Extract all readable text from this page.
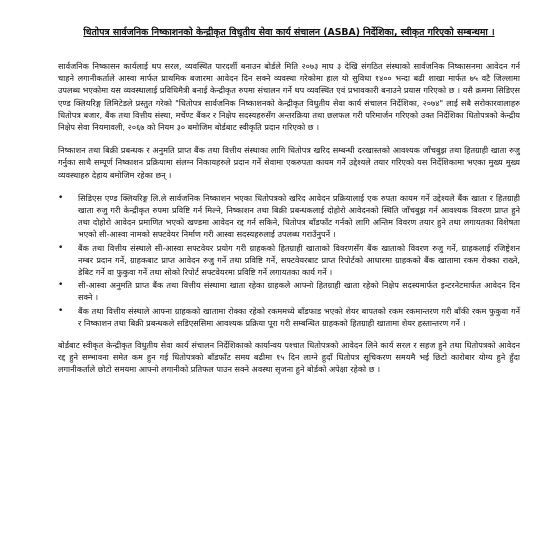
धितोपत्र सार्वजनिक निष्काशनको केन्द्रीकृत विधुतीय सेवा कार्य संचालन (ASBA) निर्देशिका, स्वीकृत गरिएको सम्बन्धमा ।

सार्वजनिक निष्कासन कार्यलाई थप सरल, व्यवस्थित पारदर्शी बनाउन बोर्डले मिति २०७३ माघ ३ देखि संगठित संस्थाको सार्वजनिक निष्कासनमा आवेदन गर्न चाहने लगानीकर्ताले आस्वा मार्फत प्राथमिक बजारमा आवेदन दिन सक्ने व्यवस्था गरेकोमा हाल यो सुविधा १४०० भन्दा बढी शाखा मार्फत ७५ वटै जिल्लामा उपलब्ध भएकोमा यस व्यवस्थालाई प्रविधिमैत्री बनाई केन्द्रीकृत रुपमा संचालन गर्ने थप व्यवस्थित एवं प्रभावकारी बनाउने प्रयास गरिएको छ । यसै क्रममा सिडिएस एण्ड क्लियरिङ्ग लिमिटेडले प्रस्तुत गरेको "धितोपत्र सार्वजनिक निष्काशनको केन्द्रीकृत विधुतीय सेवा कार्य संचालन निर्देशिका, २०७४" लाई सबै सरोकारवालाहरु धितोपत्र बजार, बैंक तथा वित्तीय संस्था, मर्चेण्ट बैंकर र निक्षेप सदस्यहरुसँग अन्तरक्रिया तथा छलफल गरी परिमार्जन गरिएको उक्त निर्देशिका धितोपत्रको केन्द्रीय निक्षेप सेवा नियमावली, २०६७ को नियम ३० बमोजिम बोर्डबाट स्वीकृति प्रदान गरिएको छ ।

निष्काशन तथा बिक्री प्रबन्धक र अनुमति प्राप्त बैंक तथा वित्तीय संस्थाका लागि धितोपत्र खरिद सम्बन्धी दरखास्तको आवश्यक जाँचबुझ तथा हितग्राही खाता रुजु गर्नुका साथै सम्पूर्ण निष्काशन प्रक्रियामा संलग्न निकायहरुले प्रदान गर्ने सेवामा एकरुपता कायम गर्ने उद्देश्यले तयार गरिएको यस निर्देशिकामा भएका मुख्य मुख्य व्यवस्थाहरु देहाय बमोजिम रहेका छन् ।

• सिडिएस एण्ड क्लियरिङ्ग लि.ले सार्वजनिक निष्काशन भएका धितोपत्रको खरिद आवेदन प्रक्रियालाई एक रुपता कायम गर्ने उद्देश्यले बैंक खाता र हितग्राही खाता रुजु गरी केन्द्रीकृत रुपमा प्रविष्टि गर्न मिल्ने, निष्काशन तथा बिक्री प्रबन्धकलाई दोहोरो आवेदनको स्थिति जाँचबुझ गर्न आवश्यक विवरण प्राप्त हुने तथा दोहोरो आवेदन प्रमाणित भएको खण्डमा आवेदन रद्द गर्न सकिने, धितोपत्र बाँडफाँट गर्नको लागि अन्तिम विवरण तयार हुने तथा लगायतका विशेषता भएको सी-आस्वा नामको सफ्टवेयर निर्माण गरी आस्वा सदस्यहरुलाई उपलब्ध गराउँनुपर्ने ।
• बैंक तथा वित्तीय संस्थाले सी-आस्वा सफ्टवेयर प्रयोग गरी ग्राहकको हितग्राही खाताको विवरणसँग बैंक खाताको विवरण रुजु गर्ने, ग्राहकलाई रजिष्ट्रेशन नम्बर प्रदान गर्ने, ग्राहकबाट प्राप्त आवेदन रुजु गर्ने तथा प्रविष्टि गर्ने, सफ्टवेयरबाट प्राप्त रिपोर्टको आधारमा ग्राहकको बैंक खातामा रकम रोक्का राख्ने, डेबिट गर्ने वा फुकुवा गर्ने तथा सोको रिपोर्ट सफ्टवेयरमा प्रविष्टि गर्ने लगायतका कार्य गर्ने ।
• सी-आस्वा अनुमति प्राप्त बैंक तथा वित्तीय संस्थामा खाता रहेका ग्राहकले आफ्नो हितग्राही खाता रहेको निक्षेप सदस्यमार्फत इन्टरनेटमार्फत आवेदन दिन सक्ने ।
• बैंक तथा वित्तीय संस्थाले आफ्ना ग्राहकको खातामा रोक्का रहेको रकममध्ये बाँडफाड भएको शेयर बापतको रकम रकमान्तरण गरी बाँकी रकम फुकुवा गर्ने र निष्काशन तथा बिक्री प्रबन्धकले सडिएससिमा आवश्यक प्रक्रिया पूरा गरी सम्बन्धित ग्राहकको हितग्राही खातामा शेयर हस्तान्तरण गर्ने ।

बोर्डबाट स्वीकृत केन्द्रीकृत विधुतीय सेवा कार्य संचालन निर्देशिकाको कार्यान्वय पश्चात धितोपत्रको आवेदन लिने कार्य सरल र सहज हुने तथा धितोपत्रको आवेदन रद्द हुने सम्भावना समेत कम हुन गई धितोपत्रको बाँडफाँट समय बढीमा १५ दिन लाग्ने हुदाँ धितोपत्र सूचिकरण समयमै भई छिटो कारोबार योग्य हुने हुँदा लगानीकर्ताले छोटो समयमा आफ्नो लगानीको प्रतिफल पाउन सक्ने अवस्था सृजना हुने बोर्डको अपेक्षा रहेको छ ।
